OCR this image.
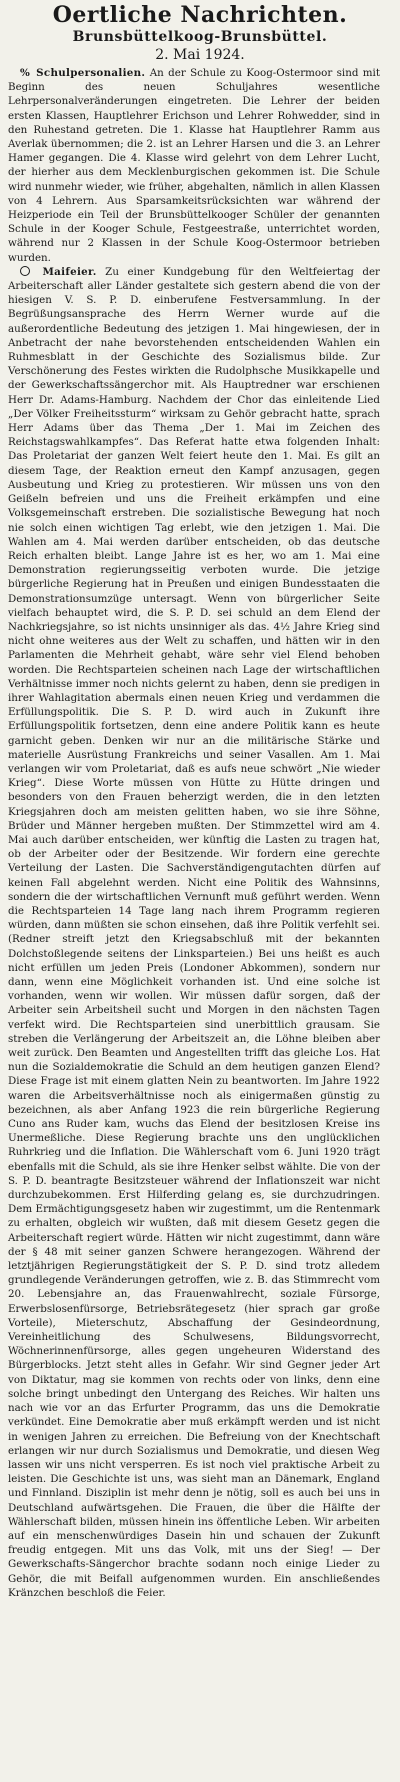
Oertliche Nachrichten.
Brunsbüttelkoog-Brunsbüttel.
2. Mai 1924.

% Schulpersonalien. An der Schule zu Koog-Ostermoor sind mit Beginn des neuen Schuljahres wesentliche Lehrpersonalveränderungen eingetreten. Die Lehrer der beiden ersten Klassen, Hauptlehrer Erichson und Lehrer Rohwedder, sind in den Ruhestand getreten. Die 1. Klasse hat Hauptlehrer Ramm aus Averlak übernommen; die 2. ist an Lehrer Harsen und die 3. an Lehrer Hamer gegangen. Die 4. Klasse wird gelehrt von dem Lehrer Lucht, der hierher aus dem Mecklenburgischen gekommen ist. Die Schule wird nunmehr wieder, wie früher, abgehalten, nämlich in allen Klassen von 4 Lehrern. Aus Sparsamkeitsrücksichten war während der Heizperiode ein Teil der Brunsbüttelkooger Schüler der genannten Schule in der Kooger Schule, Festgeestraße, unterrichtet worden, während nur 2 Klassen in der Schule Koog-Ostermoor betrieben wurden.

Maifeier. Zu einer Kundgebung für den Weltfeiertag der Arbeiterschaft aller Länder gestaltete sich gestern abend die von der hiesigen V. S. P. D. einberufene Festversammlung. In der Begrüßungsansprache des Herrn Werner wurde auf die außerordentliche Bedeutung des jetzigen 1. Mai hingewiesen, der in Anbetracht der nahe bevorstehenden entscheidenden Wahlen ein Ruhmesblatt in der Geschichte des Sozialismus bilde. Zur Verschönerung des Festes wirkten die Rudolphsche Musikkapelle und der Gewerkschaftssängerchor mit. Als Hauptredner war erschienen Herr Dr. Adams-Hamburg. Nachdem der Chor das einleitende Lied „Der Völker Freiheitssturm“ wirksam zu Gehör gebracht hatte, sprach Herr Adams über das Thema „Der 1. Mai im Zeichen des Reichstagswahlkampfes“. Das Referat hatte etwa folgenden Inhalt: Das Proletariat der ganzen Welt feiert heute den 1. Mai. Es gilt an diesem Tage, der Reaktion erneut den Kampf anzusagen, gegen Ausbeutung und Krieg zu protestieren. Wir müssen uns von den Geißeln befreien und uns die Freiheit erkämpfen und eine Volksgemeinschaft erstreben. Die sozialistische Bewegung hat noch nie solch einen wichtigen Tag erlebt, wie den jetzigen 1. Mai. Die Wahlen am 4. Mai werden darüber entscheiden, ob das deutsche Reich erhalten bleibt. Lange Jahre ist es her, wo am 1. Mai eine Demonstration regierungsseitig verboten wurde. Die jetzige bürgerliche Regierung hat in Preußen und einigen Bundesstaaten die Demonstrationsumzüge untersagt. Wenn von bürgerlicher Seite vielfach behauptet wird, die S. P. D. sei schuld an dem Elend der Nachkriegsjahre, so ist nichts unsinniger als das. 4½ Jahre Krieg sind nicht ohne weiteres aus der Welt zu schaffen, und hätten wir in den Parlamenten die Mehrheit gehabt, wäre sehr viel Elend behoben worden. Die Rechtsparteien scheinen nach Lage der wirtschaftlichen Verhältnisse immer noch nichts gelernt zu haben, denn sie predigen in ihrer Wahlagitation abermals einen neuen Krieg und verdammen die Erfüllungspolitik. Die S. P. D. wird auch in Zukunft ihre Erfüllungspolitik fortsetzen, denn eine andere Politik kann es heute garnicht geben. Denken wir nur an die militärische Stärke und materielle Ausrüstung Frankreichs und seiner Vasallen. Am 1. Mai verlangen wir vom Proletariat, daß es aufs neue schwört „Nie wieder Krieg“. Diese Worte müssen von Hütte zu Hütte dringen und besonders von den Frauen beherzigt werden, die in den letzten Kriegsjahren doch am meisten gelitten haben, wo sie ihre Söhne, Brüder und Männer hergeben mußten. Der Stimmzettel wird am 4. Mai auch darüber entscheiden, wer künftig die Lasten zu tragen hat, ob der Arbeiter oder der Besitzende. Wir fordern eine gerechte Verteilung der Lasten. Die Sachverständigengutachten dürfen auf keinen Fall abgelehnt werden. Nicht eine Politik des Wahnsinns, sondern die der wirtschaftlichen Vernunft muß geführt werden. Wenn die Rechtsparteien 14 Tage lang nach ihrem Programm regieren würden, dann müßten sie schon einsehen, daß ihre Politik verfehlt sei. (Redner streift jetzt den Kriegsabschluß mit der bekannten Dolchstoßlegende seitens der Linksparteien.) Bei uns heißt es auch nicht erfüllen um jeden Preis (Londoner Abkommen), sondern nur dann, wenn eine Möglichkeit vorhanden ist. Und eine solche ist vorhanden, wenn wir wollen. Wir müssen dafür sorgen, daß der Arbeiter sein Arbeitsheil sucht und Morgen in den nächsten Tagen verfekt wird. Die Rechtsparteien sind unerbittlich grausam. Sie streben die Verlängerung der Arbeitszeit an, die Löhne bleiben aber weit zurück. Den Beamten und Angestellten trifft das gleiche Los. Hat nun die Sozialdemokratie die Schuld an dem heutigen ganzen Elend? Diese Frage ist mit einem glatten Nein zu beantworten. Im Jahre 1922 waren die Arbeitsverhältnisse noch als einigermaßen günstig zu bezeichnen, als aber Anfang 1923 die rein bürgerliche Regierung Cuno ans Ruder kam, wuchs das Elend der besitzlosen Kreise ins Unermeßliche. Diese Regierung brachte uns den unglücklichen Ruhrkrieg und die Inflation. Die Wählerschaft vom 6. Juni 1920 trägt ebenfalls mit die Schuld, als sie ihre Henker selbst wählte. Die von der S. P. D. beantragte Besitzsteuer während der Inflationszeit war nicht durchzubekommen. Erst Hilferding gelang es, sie durchzudringen. Dem Ermächtigungsgesetz haben wir zugestimmt, um die Rentenmark zu erhalten, obgleich wir wußten, daß mit diesem Gesetz gegen die Arbeiterschaft regiert würde. Hätten wir nicht zugestimmt, dann wäre der § 48 mit seiner ganzen Schwere herangezogen. Während der letztjährigen Regierungstätigkeit der S. P. D. sind trotz alledem grundlegende Veränderungen getroffen, wie z. B. das Stimmrecht vom 20. Lebensjahre an, das Frauenwahlrecht, soziale Fürsorge, Erwerbslosenfürsorge, Betriebsrätegesetz (hier sprach gar große Vorteile), Mieterschutz, Abschaffung der Gesindeordnung, Vereinheitlichung des Schulwesens, Bildungsvorrecht, Wöchnerinnenfürsorge, alles gegen ungeheuren Widerstand des Bürgerblocks. Jetzt steht alles in Gefahr. Wir sind Gegner jeder Art von Diktatur, mag sie kommen von rechts oder von links, denn eine solche bringt unbedingt den Untergang des Reiches. Wir halten uns nach wie vor an das Erfurter Programm, das uns die Demokratie verkündet. Eine Demokratie aber muß erkämpft werden und ist nicht in wenigen Jahren zu erreichen. Die Befreiung von der Knechtschaft erlangen wir nur durch Sozialismus und Demokratie, und diesen Weg lassen wir uns nicht versperren. Es ist noch viel praktische Arbeit zu leisten. Die Geschichte ist uns, was sieht man an Dänemark, England und Finnland. Disziplin ist mehr denn je nötig, soll es auch bei uns in Deutschland aufwärtsgehen. Die Frauen, die über die Hälfte der Wählerschaft bilden, müssen hinein ins öffentliche Leben. Wir arbeiten auf ein menschenwürdiges Dasein hin und schauen der Zukunft freudig entgegen. Mit uns das Volk, mit uns der Sieg! — Der Gewerkschafts-Sängerchor brachte sodann noch einige Lieder zu Gehör, die mit Beifall aufgenommen wurden. Ein anschließendes Kränzchen beschloß die Feier.
